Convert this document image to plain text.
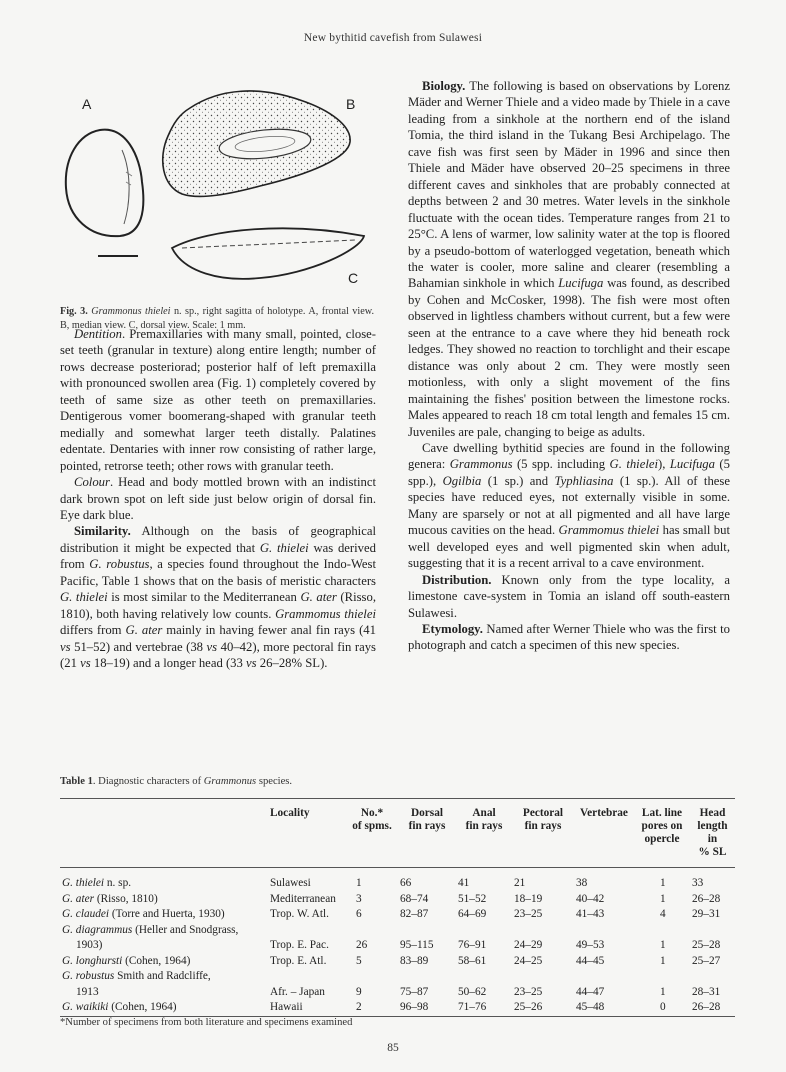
New bythitid cavefish from Sulawesi
A	B
C
Fig. 3. Grammonus thielei n. sp., right sagitta of holotype. A, frontal view. B, median view. C, dorsal view. Scale: 1 mm.

Dentition. Premaxillaries with many small, pointed, close-set teeth (granular in texture) along entire length; number of rows decrease posteriorad; posterior half of left premaxilla with pronounced swollen area (Fig. 1) completely covered by teeth of same size as other teeth on premaxillaries. Dentigerous vomer boomerang-shaped with granular teeth medially and somewhat larger teeth distally. Palatines edentate. Dentaries with inner row consisting of rather large, pointed, retrorse teeth; other rows with granular teeth.

Colour. Head and body mottled brown with an indistinct dark brown spot on left side just below origin of dorsal fin. Eye dark blue.

Similarity. Although on the basis of geographical distribution it might be expected that G. thielei was derived from G. robustus, a species found throughout the Indo-West Pacific, Table 1 shows that on the basis of meristic characters G. thielei is most similar to the Mediterranean G. ater (Risso, 1810), both having relatively low counts. Grammomus thielei differs from G. ater mainly in having fewer anal fin rays (41 vs 51–52) and vertebrae (38 vs 40–42), more pectoral fin rays (21 vs 18–19) and a longer head (33 vs 26–28% SL).

Biology. The following is based on observations by Lorenz Mäder and Werner Thiele and a video made by Thiele in a cave leading from a sinkhole at the northern end of the island Tomia, the third island in the Tukang Besi Archipelago. The cave fish was first seen by Mäder in 1996 and since then Thiele and Mäder have observed 20–25 specimens in three different caves and sinkholes that are probably connected at depths between 2 and 30 metres. Water levels in the sinkhole fluctuate with the ocean tides. Temperature ranges from 21 to 25°C. A lens of warmer, low salinity water at the top is floored by a pseudo-bottom of waterlogged vegetation, beneath which the water is cooler, more saline and clearer (resembling a Bahamian sinkhole in which Lucifuga was found, as described by Cohen and McCosker, 1998). The fish were most often observed in lightless chambers without current, but a few were seen at the entrance to a cave where they hid beneath rock ledges. They showed no reaction to torchlight and their escape distance was only about 2 cm. They were mostly seen motionless, with only a slight movement of the fins maintaining the fishes' position between the limestone rocks. Males appeared to reach 18 cm total length and females 15 cm. Juveniles are pale, changing to beige as adults.

Cave dwelling bythitid species are found in the following genera: Grammonus (5 spp. including G. thielei), Lucifuga (5 spp.), Ogilbia (1 sp.) and Typhliasina (1 sp.). All of these species have reduced eyes, not externally visible in some. Many are sparsely or not at all pigmented and all have large mucous cavities on the head. Grammomus thielei has small but well developed eyes and well pigmented skin when adult, suggesting that it is a recent arrival to a cave environment.

Distribution. Known only from the type locality, a limestone cave-system in Tomia an island off south-eastern Sulawesi.

Etymology. Named after Werner Thiele who was the first to photograph and catch a specimen of this new species.

Table 1. Diagnostic characters of Grammonus species.

	Locality	No.*
of spms.	Dorsal
fin rays	Anal
fin rays	Pectoral
fin rays	Vertebrae	Lat. line
pores on
opercle	Head
length in
% SL
G. thielei n. sp.	Sulawesi	1	66	41	21	38	1	33
G. ater (Risso, 1810)	Mediterranean	3	68–74	51–52	18–19	40–42	1	26–28
G. claudei (Torre and Huerta, 1930)	Trop. W. Atl.	6	82–87	64–69	23–25	41–43	4	29–31
G. diagrammus (Heller and Snodgrass,
1903)	Trop. E. Pac.	26	95–115	76–91	24–29	49–53	1	25–28
G. longhursti (Cohen, 1964)	Trop. E. Atl.	5	83–89	58–61	24–25	44–45	1	25–27
G. robustus Smith and Radcliffe,
1913	Afr. – Japan	9	75–87	50–62	23–25	44–47	1	28–31
G. waikiki (Cohen, 1964)	Hawaii	2	96–98	71–76	25–26	45–48	0	26–28
*Number of specimens from both literature and specimens examined
85
